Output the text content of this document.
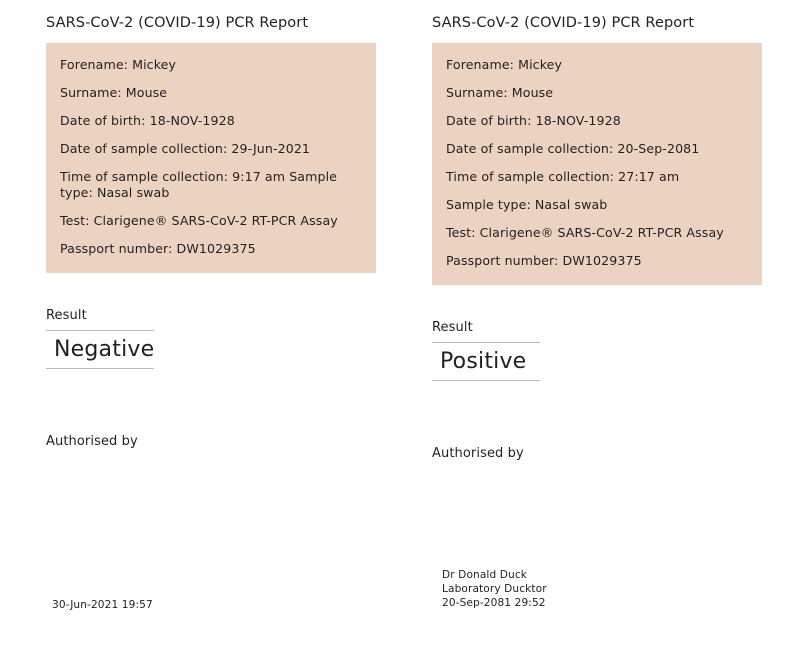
SARS-CoV-2 (COVID-19) PCR Report
Forename: Mickey
Surname: Mouse
Date of birth: 18-NOV-1928
Date of sample collection: 29-Jun-2021
Time of sample collection: 9:17 am Sample type: Nasal swab
Test: Clarigene® SARS-CoV-2 RT-PCR Assay
Passport number: DW1029375
Result
Negative
Authorised by
30-Jun-2021 19:57
SARS-CoV-2 (COVID-19) PCR Report
Forename: Mickey
Surname: Mouse
Date of birth: 18-NOV-1928
Date of sample collection: 20-Sep-2081
Time of sample collection: 27:17 am
Sample type: Nasal swab
Test: Clarigene® SARS-CoV-2 RT-PCR Assay
Passport number: DW1029375
Result
Positive
Authorised by
Dr Donald Duck
Laboratory Ducktor
20-Sep-2081 29:52
